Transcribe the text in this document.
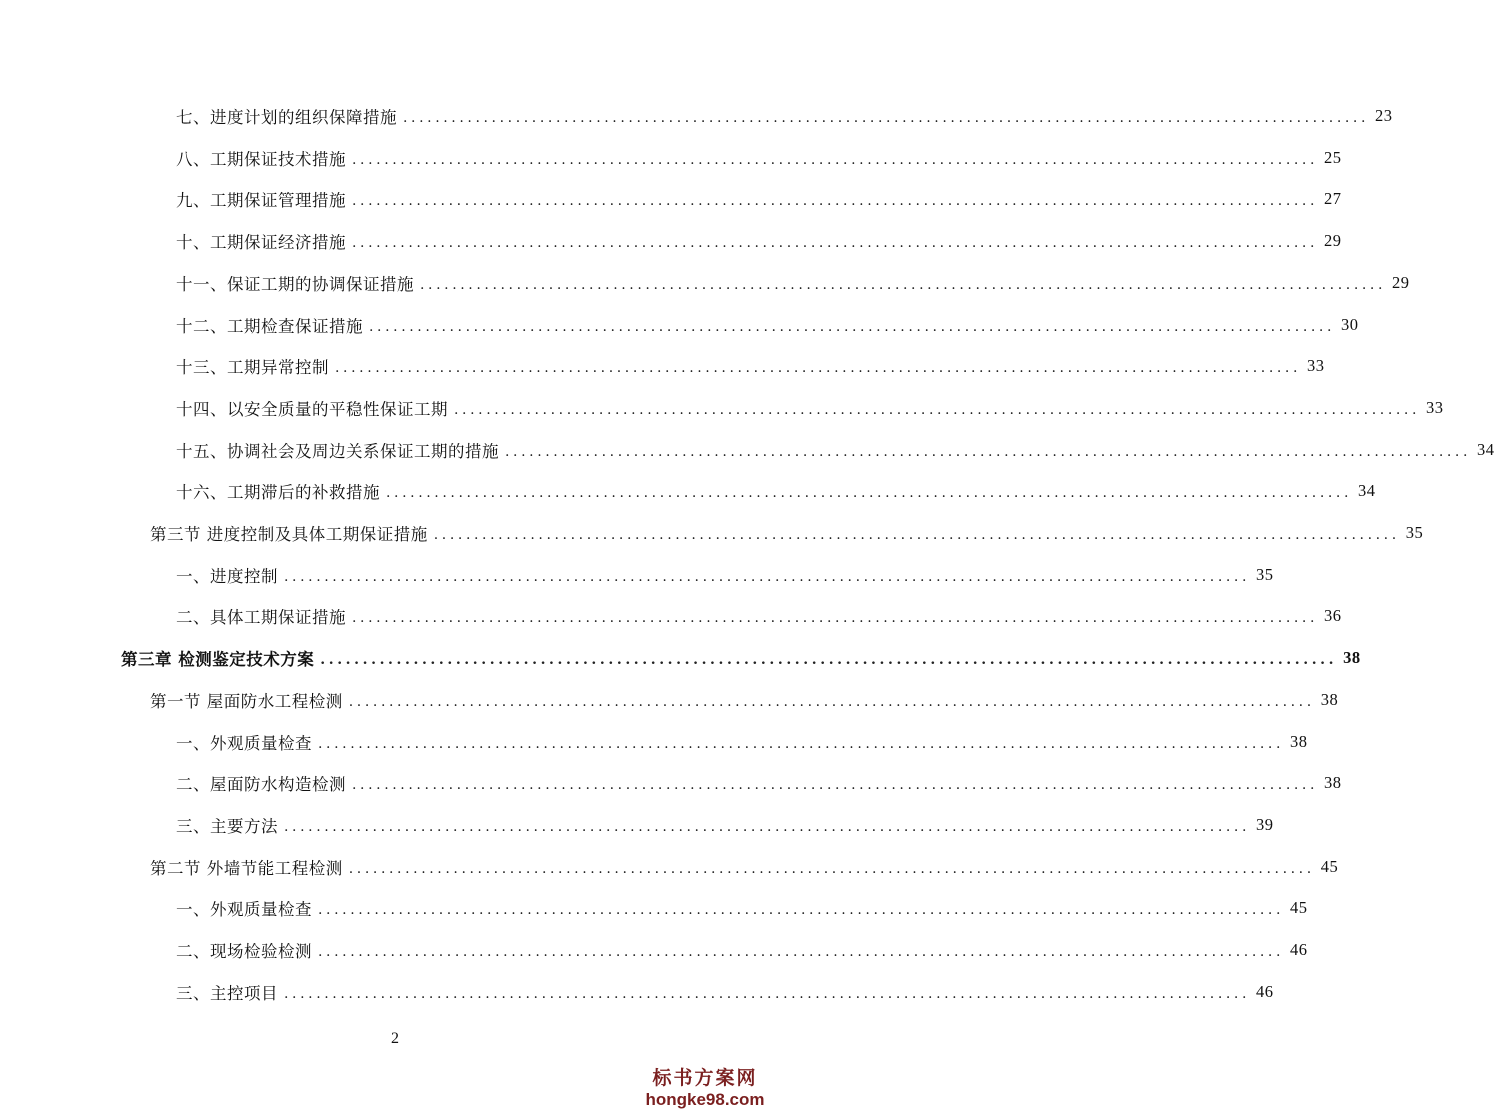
七、进度计划的组织保障措施 ........................................................................................................................ 23
八、工期保证技术措施 ........................................................................................................................ 25
九、工期保证管理措施 ........................................................................................................................ 27
十、工期保证经济措施 ........................................................................................................................ 29
十一、保证工期的协调保证措施 ........................................................................................................................ 29
十二、工期检查保证措施 ........................................................................................................................ 30
十三、工期异常控制 ........................................................................................................................ 33
十四、以安全质量的平稳性保证工期 ........................................................................................................................ 33
十五、协调社会及周边关系保证工期的措施 ........................................................................................................................ 34
十六、工期滞后的补救措施 ........................................................................................................................ 34
第三节 进度控制及具体工期保证措施 ........................................................................................................................ 35
一、进度控制 ........................................................................................................................ 35
二、具体工期保证措施 ........................................................................................................................ 36
第三章 检测鉴定技术方案 ........................................................................................................................ 38
第一节 屋面防水工程检测 ........................................................................................................................ 38
一、外观质量检查 ........................................................................................................................ 38
二、屋面防水构造检测 ........................................................................................................................ 38
三、主要方法 ........................................................................................................................ 39
第二节 外墙节能工程检测 ........................................................................................................................ 45
一、外观质量检查 ........................................................................................................................ 45
二、现场检验检测 ........................................................................................................................ 46
三、主控项目 ........................................................................................................................ 46
2
标书方案网
hongke98.com
